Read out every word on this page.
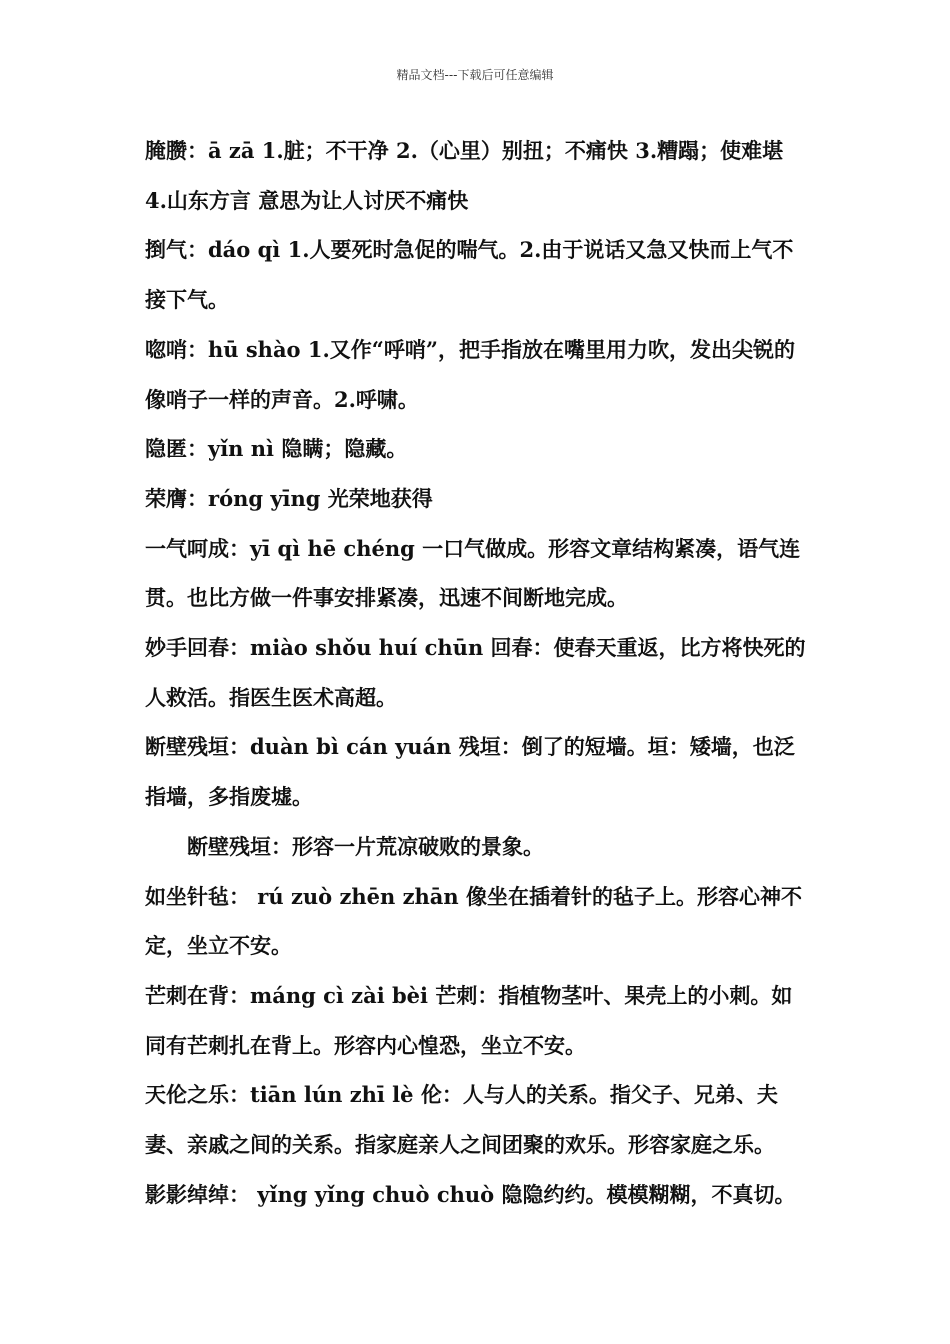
精品文档---下载后可任意编辑

腌臜：ā zā 1.脏；不干净 2.（心里）别扭；不痛快 3.糟蹋；使难堪 4.山东方言 意思为让人讨厌不痛快

捯气：dáo qì 1.人要死时急促的喘气。2.由于说话又急又快而上气不接下气。

唿哨：hū shào 1.又作“呼哨”，把手指放在嘴里用力吹，发出尖锐的像哨子一样的声音。2.呼啸。

隐匿：yǐn nì 隐瞒；隐藏。

荣膺：róng yīng 光荣地获得

一气呵成：yī qì hē chéng 一口气做成。形容文章结构紧凑，语气连贯。也比方做一件事安排紧凑，迅速不间断地完成。

妙手回春：miào shǒu huí chūn 回春：使春天重返，比方将快死的人救活。指医生医术高超。

断壁残垣：duàn bì cán yuán 残垣：倒了的短墙。垣：矮墙，也泛指墙，多指废墟。

断壁残垣：形容一片荒凉破败的景象。

如坐针毡： rú zuò zhēn zhān 像坐在插着针的毡子上。形容心神不定，坐立不安。

芒刺在背：máng cì zài bèi 芒刺：指植物茎叶、果壳上的小刺。如同有芒刺扎在背上。形容内心惶恐，坐立不安。

天伦之乐：tiān lún zhī lè 伦：人与人的关系。指父子、兄弟、夫妻、亲戚之间的关系。指家庭亲人之间团聚的欢乐。形容家庭之乐。

影影绰绰： yǐng yǐng chuò chuò 隐隐约约。模模糊糊，不真切。
